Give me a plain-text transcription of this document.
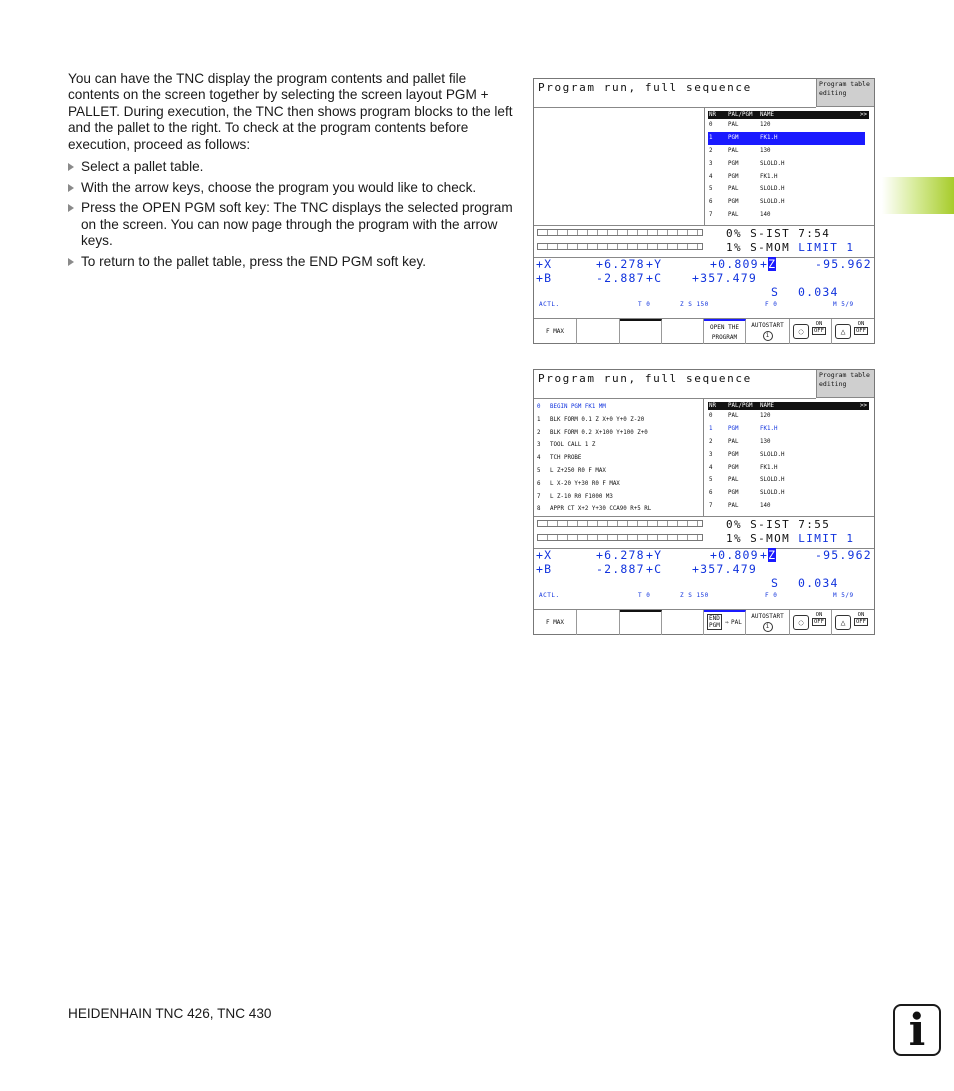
You can have the TNC display the program contents and pallet file contents on the screen together by selecting the screen layout PGM + PALLET. During execution, the TNC then shows program blocks to the left and the pallet to the right. To check at the program contents before execution, proceed as follows:

Select a pallet table.
With the arrow keys, choose the program you would like to check.
Press the OPEN PGM soft key: The TNC displays the selected program on the screen. You can now page through the program with the arrow keys.
To return to the pallet table, press the END PGM soft key.
Program run, full sequence	Program table
editing
NR PAL/PGM NAME	>>
0	PAL	120
1	PGM	FK1.H
2	PAL	130
3	PGM	SLOLD.H
4	PGM	FK1.H
5	PAL	SLOLD.H
6	PGM	SLOLD.H
7	PAL	140
0% S-IST 7:54
1% S-MOM LIMIT 1
+X	+6.278 +Y	+0.809 +Z	-95.962
+B	-2.887 +C	+357.479
S 0.034
ACTL.	T 0	Z S 150	F 0	M 5/9
F MAX
OPEN THE
PROGRAM
AUTOSTART
i	◌
ON
OFF	△
ON
OFF
Program run, full sequence	Program table
editing
0 BEGIN PGM FK1 MM
1 BLK FORM 0.1 Z X+0 Y+0 Z-20
2 BLK FORM 0.2 X+100 Y+100 Z+0
3 TOOL CALL 1 Z
4 TCH PROBE
5 L Z+250 R0 F MAX
6 L X-20 Y+30 R0 F MAX
7 L Z-10 R0 F1000 M3
8 APPR CT X+2 Y+30 CCA90 R+5 RL
NR PAL/PGM NAME	>>
0	PAL	120
1	PGM	FK1.H
2	PAL	130
3	PGM	SLOLD.H
4	PGM	FK1.H
5	PAL	SLOLD.H
6	PGM	SLOLD.H
7	PAL	140
0% S-IST 7:55
1% S-MOM LIMIT 1
+X	+6.278 +Y	+0.809 +Z	-95.962
+B	-2.887 +C	+357.479
S 0.034
ACTL.	T 0	Z S 150	F 0	M 5/9
F MAX
END
PGM ⇒ PAL
AUTOSTART
i	◌
ON
OFF	△
ON
OFF
HEIDENHAIN TNC 426, TNC 430	i
